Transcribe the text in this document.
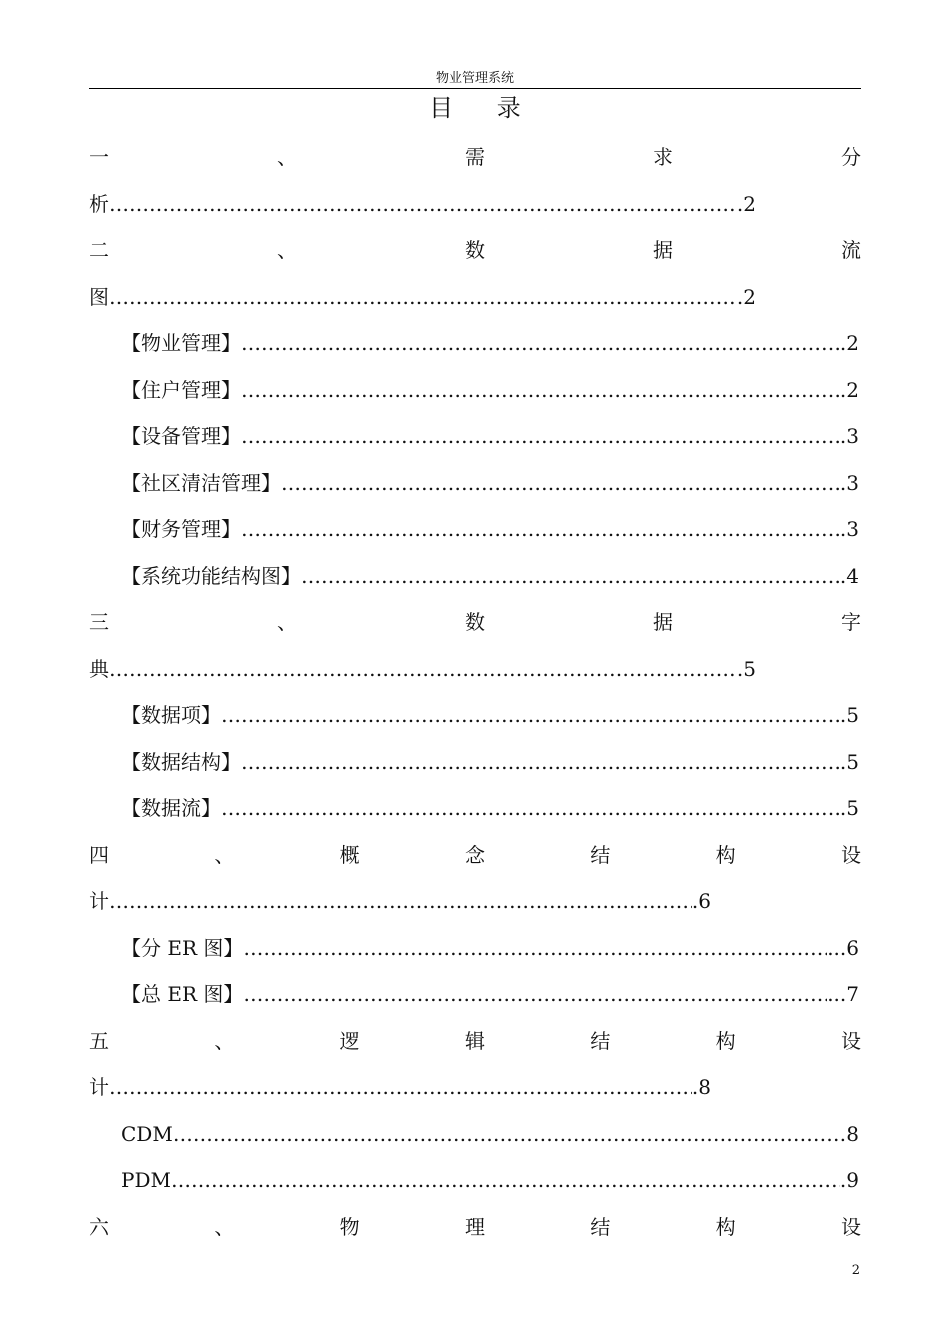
物业管理系统
目 录
一	、	需	求	分
析 ……………………………………………………………………………………………………………………………………………………………………………………	.2
二	、	数	据	流
图 ……………………………………………………………………………………………………………………………………………………………………………………	.2
【物业管理】 ……………………………………………………………………………………………………………………………………………………………………………………	.2
【住户管理】 ……………………………………………………………………………………………………………………………………………………………………………………	.2
【设备管理】 ……………………………………………………………………………………………………………………………………………………………………………………	.3
【社区清洁管理】 ……………………………………………………………………………………………………………………………………………………………………………………	.3
【财务管理】 ……………………………………………………………………………………………………………………………………………………………………………………	.3
【系统功能结构图】 ……………………………………………………………………………………………………………………………………………………………………………………	.4
三	、	数	据	字
典 ……………………………………………………………………………………………………………………………………………………………………………………	.5
【数据项】 ……………………………………………………………………………………………………………………………………………………………………………………	.5
【数据结构】 ……………………………………………………………………………………………………………………………………………………………………………………	.5
【数据流】 ……………………………………………………………………………………………………………………………………………………………………………………	.5
四	、	概	念	结	构	设
计 ……………………………………………………………………………………………………………………………………………………………………………………	.6
【分 ER 图】 ……………………………………………………………………………………………………………………………………………………………………………………	...6
【总 ER 图】 ……………………………………………………………………………………………………………………………………………………………………………………	...7
五	、	逻	辑	结	构	设
计 ……………………………………………………………………………………………………………………………………………………………………………………	.8
CDM ……………………………………………………………………………………………………………………………………………………………………………………	8
PDM ……………………………………………………………………………………………………………………………………………………………………………………	.9
六	、	物	理	结	构	设
2
